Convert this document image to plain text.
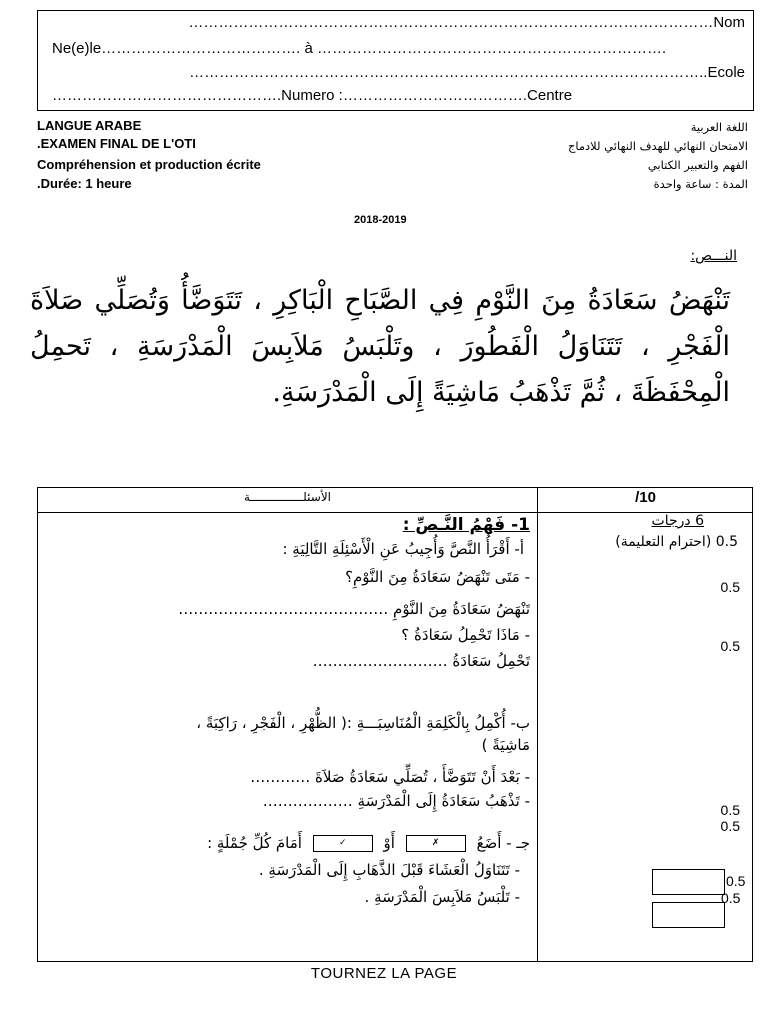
……………………………………………………………………………………………Nom
Ne(e)le…………………………………. à …………………………………………………………….
…………………………………………………………………………………………..Ecole
……………………………………….Numero :……………………………….Centre
LANGUE ARABE
.EXAMEN FINAL DE L'OTI
Compréhension et production écrite
.Durée: 1 heure
اللغة العربية
الامتحان النهائي للهدف النهائي للادماج
الفهم والتعبير الكتابي
المدة : ساعة واحدة
2018-2019
النـــص:
تَنْهَضُ سَعَادَةُ مِنَ النَّوْمِ فِي الصَّبَاحِ الْبَاكِرِ ، تَتَوَضَّأُ وَتُصَلِّي صَلاَةَ الْفَجْرِ ، تَتَنَاوَلُ الْفَطُورَ ، وتَلْبَسُ مَلاَبِسَ الْمَدْرَسَةِ ، تَحمِلُ الْمِحْفَظَةَ ، ثُمَّ تَذْهَبُ مَاشِيَةً إِلَى الْمَدْرَسَةِ.
الأسئلـــــــــــــــة	/10
1- فَهْمُ النَّـصِّ :	6 درجات
0.5 (احترام التعليمة)
أ- أَقْرَأُ النَّصَّ وَأُجِيبُ عَنِ الْأَسْئِلَةِ التَّالِيَةِ :
- مَتَى تَنْهَضُ سَعَادَةُ مِنَ النَّوْمِ؟
0.5
تَنْهَضُ سَعَادَةُ مِنَ النَّوْمِ ……………………………………
- مَاذَا تَحْمِلُ سَعَادَةُ ؟
0.5
تَحْمِلُ سَعَادَةُ ………………………
ب- أُكْمِلُ بِالْكَلِمَةِ الْمُنَاسِبَـــةِ :( الظُّهْرِ ، الْفَجْرِ ، رَاكِبَةً ،
مَاشِيَةً )
- بَعْدَ أَنْ تَتَوَضَّأَ ، تُصَلِّي سَعَادَةُ صَلاَةَ …………
0.5
- تَذْهَبُ سَعَادَةُ إِلَى الْمَدْرَسَةِ ………………
0.5
جـ - أَضَعُ ✗ أَوْ ✓ أَمَامَ كُلِّ جُمْلَةٍ :
- تَتَنَاوَلُ الْعَشَاءَ قَبْلَ الذَّهَابِ إِلَى الْمَدْرَسَةِ .
- تَلْبَسُ مَلاَبِسَ الْمَدْرَسَةِ .
0.5
0.5
TOURNEZ LA PAGE
